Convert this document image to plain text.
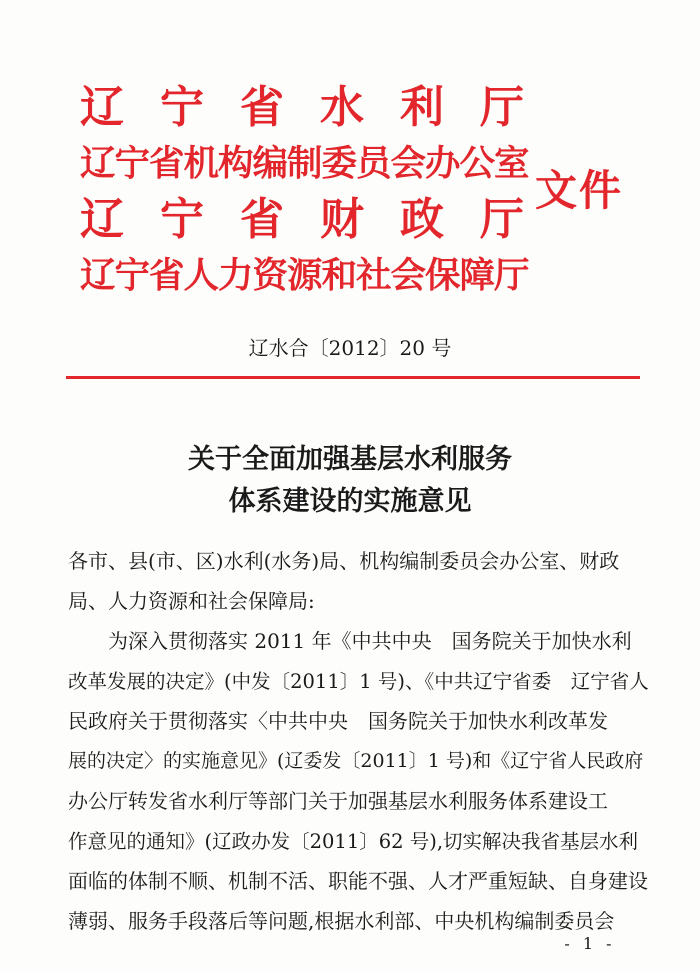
辽 宁 省 水 利 厅
辽宁省机构编制委员会办公室
辽 宁 省 财 政 厅
辽宁省人力资源和社会保障厅
文件
辽水合〔2012〕20 号
关于全面加强基层水利服务
体系建设的实施意见
各市、县(市、区)水利(水务)局、机构编制委员会办公室、财政
局、人力资源和社会保障局:
　　为深入贯彻落实 2011 年《中共中央　国务院关于加快水利
改革发展的决定》(中发〔2011〕1 号)、《中共辽宁省委　辽宁省人
民政府关于贯彻落实〈中共中央　国务院关于加快水利改革发
展的决定〉的实施意见》(辽委发〔2011〕1 号)和《辽宁省人民政府
办公厅转发省水利厅等部门关于加强基层水利服务体系建设工
作意见的通知》(辽政办发〔2011〕62 号),切实解决我省基层水利
面临的体制不顺、机制不活、职能不强、人才严重短缺、自身建设
薄弱、服务手段落后等问题,根据水利部、中央机构编制委员会
- 1 -
